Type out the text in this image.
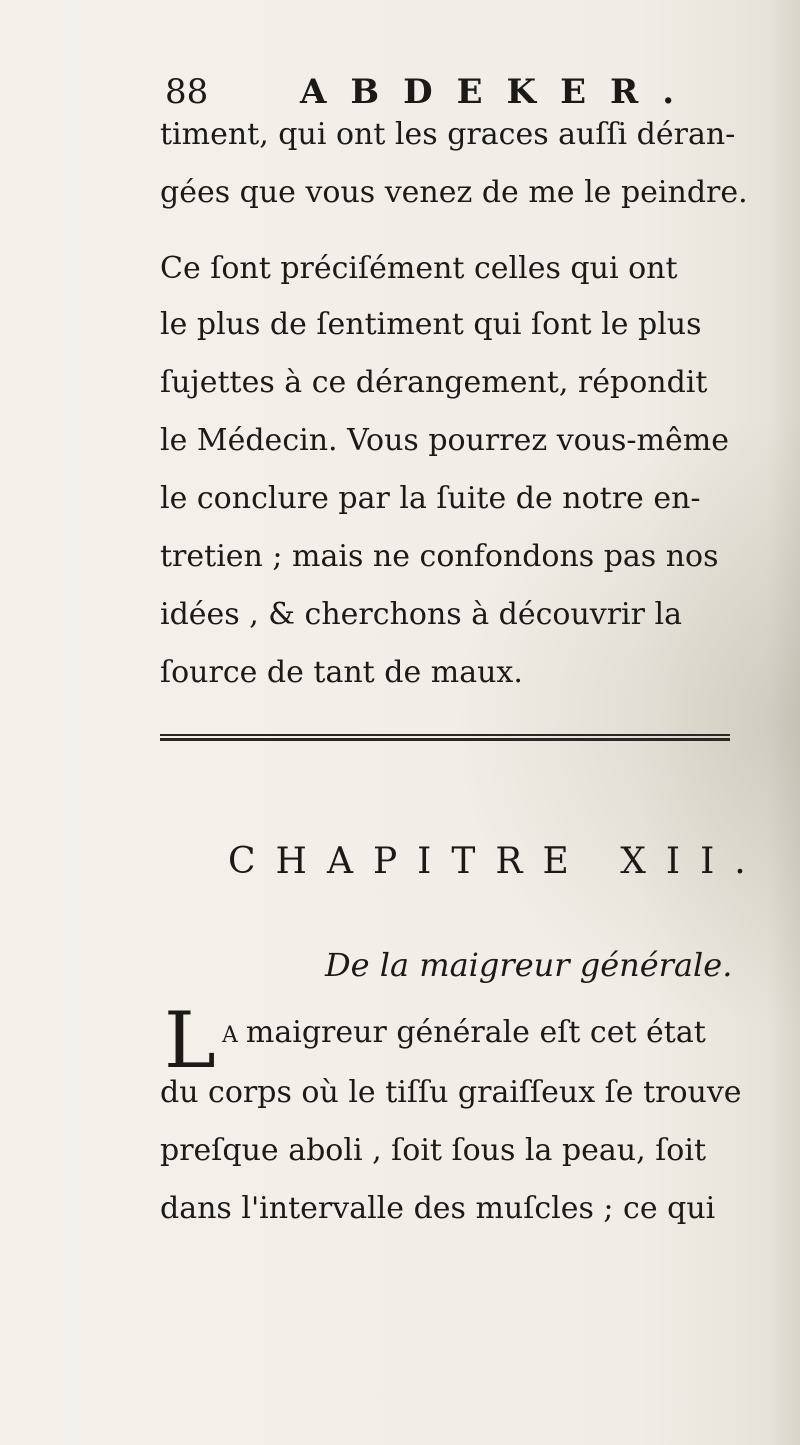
88	ABDEKER.
timent, qui ont les graces auſſi déran-
gées que vous venez de me le peindre.
Ce ſont préciſément celles qui ont
le plus de ſentiment qui ſont le plus
ſujettes à ce dérangement, répondit
le Médecin. Vous pourrez vous-même
le conclure par la ſuite de notre en-
tretien ; mais ne confondons pas nos
idées , & cherchons à découvrir la
ſource de tant de maux.
CHAPITRE XII.
De la maigreur générale.
L A maigreur générale eſt cet état
du corps où le tiſſu graiſſeux ſe trouve
preſque aboli , ſoit ſous la peau, ſoit
dans l'intervalle des muſcles ; ce qui
